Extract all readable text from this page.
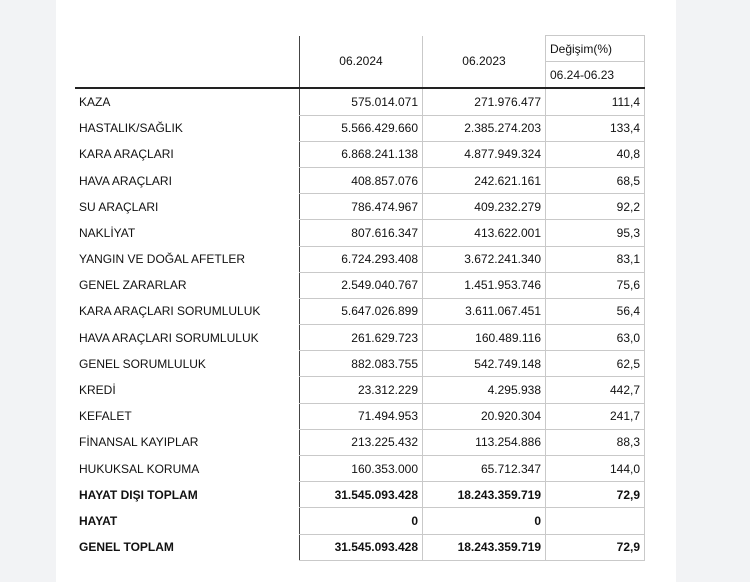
	06.2024	06.2023	Değişim(%)
			06.24-06.23
KAZA	575.014.071	271.976.477	111,4
HASTALIK/SAĞLIK	5.566.429.660	2.385.274.203	133,4
KARA ARAÇLARI	6.868.241.138	4.877.949.324	40,8
HAVA ARAÇLARI	408.857.076	242.621.161	68,5
SU ARAÇLARI	786.474.967	409.232.279	92,2
NAKLİYAT	807.616.347	413.622.001	95,3
YANGIN VE DOĞAL AFETLER	6.724.293.408	3.672.241.340	83,1
GENEL ZARARLAR	2.549.040.767	1.451.953.746	75,6
KARA ARAÇLARI SORUMLULUK	5.647.026.899	3.611.067.451	56,4
HAVA ARAÇLARI SORUMLULUK	261.629.723	160.489.116	63,0
GENEL SORUMLULUK	882.083.755	542.749.148	62,5
KREDİ	23.312.229	4.295.938	442,7
KEFALET	71.494.953	20.920.304	241,7
FİNANSAL KAYIPLAR	213.225.432	113.254.886	88,3
HUKUKSAL KORUMA	160.353.000	65.712.347	144,0
HAYAT DIŞI TOPLAM	31.545.093.428	18.243.359.719	72,9
HAYAT	0	0	
GENEL TOPLAM	31.545.093.428	18.243.359.719	72,9
